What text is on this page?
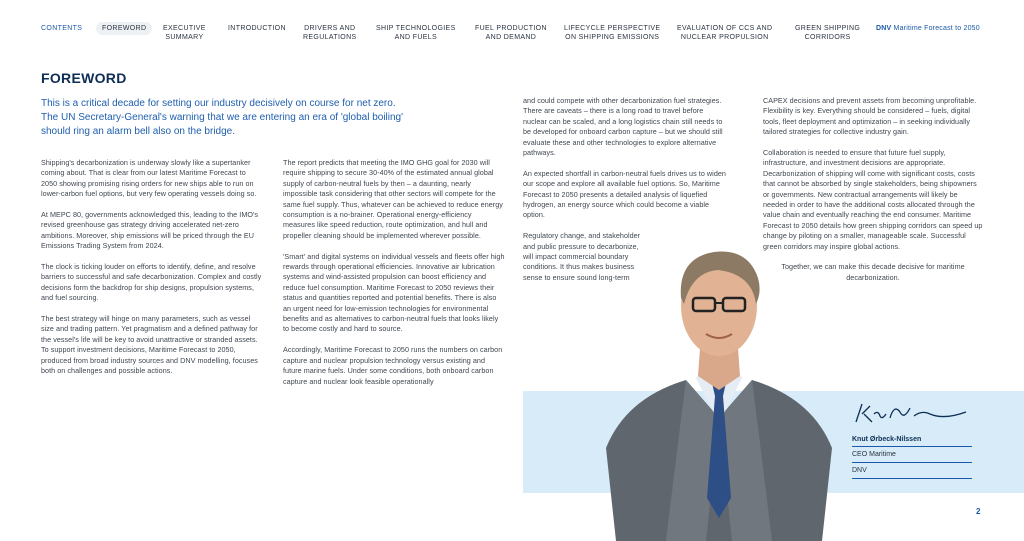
CONTENTS	FOREWORD	EXECUTIVE
SUMMARY
INTRODUCTION	DRIVERS AND
REGULATIONS
SHIP TECHNOLOGIES
AND FUELS
FUEL PRODUCTION
AND DEMAND
LIFECYCLE PERSPECTIVE
ON SHIPPING EMISSIONS
EVALUATION OF CCS AND
NUCLEAR PROPULSION
GREEN SHIPPING
CORRIDORS
DNV Maritime Forecast to 2050
FOREWORD
This is a critical decade for setting our industry decisively on course for net zero.
The UN Secretary-General's warning that we are entering an era of 'global boiling'
should ring an alarm bell also on the bridge.

Shipping's decarbonization is underway slowly like a supertanker coming about. That is clear from our latest Maritime Forecast to 2050 showing promising rising orders for new ships able to run on lower-carbon fuel options, but very few operating vessels doing so.

At MEPC 80, governments acknowledged this, leading to the IMO's revised greenhouse gas strategy driving accelerated net-zero ambitions. Moreover, ship emissions will be priced through the EU Emissions Trading System from 2024.

The clock is ticking louder on efforts to identify, define, and resolve barriers to successful and safe decarbonization. Complex and costly decisions form the backdrop for ship designs, propulsion systems, and fuel sourcing.

The best strategy will hinge on many parameters, such as vessel size and trading pattern. Yet pragmatism and a defined pathway for the vessel's life will be key to avoid unattractive or stranded assets. To support investment decisions, Maritime Forecast to 2050, produced from broad industry sources and DNV modelling, focuses both on challenges and possible actions.

The report predicts that meeting the IMO GHG goal for 2030 will require shipping to secure 30-40% of the estimated annual global supply of carbon-neutral fuels by then – a daunting, nearly impossible task considering that other sectors will compete for the same fuel supply. Thus, whatever can be achieved to reduce energy consumption is a no-brainer. Operational energy-efficiency measures like speed reduction, route optimization, and hull and propeller cleaning should be implemented wherever possible.

'Smart' and digital systems on individual vessels and fleets offer high rewards through operational efficiencies. Innovative air lubrication systems and wind-assisted propulsion can boost efficiency and reduce fuel consumption. Maritime Forecast to 2050 reviews their status and quantities reported and potential benefits. There is also an urgent need for low-emission technologies for environmental benefits and as alternatives to carbon-neutral fuels that looks likely to become costly and hard to source.

Accordingly, Maritime Forecast to 2050 runs the numbers on carbon capture and nuclear propulsion technology versus existing and future marine fuels. Under some conditions, both onboard carbon capture and nuclear look feasible operationally

and could compete with other decarbonization fuel strategies. There are caveats – there is a long road to travel before nuclear can be scaled, and a long logistics chain still needs to be developed for onboard carbon capture – but we should still evaluate these and other technologies to explore alternative pathways.

An expected shortfall in carbon-neutral fuels drives us to widen our scope and explore all available fuel options. So, Maritime Forecast to 2050 presents a detailed analysis of liquefied hydrogen, an energy source which could become a viable option.

Regulatory change, and stakeholder and public pressure to decarbonize, will impact commercial boundary conditions. It thus makes business sense to ensure sound long-term

CAPEX decisions and prevent assets from becoming unprofitable. Flexibility is key. Everything should be considered – fuels, digital tools, fleet deployment and optimization – in seeking individually tailored strategies for collective industry gain.

Collaboration is needed to ensure that future fuel supply, infrastructure, and investment decisions are appropriate. Decarbonization of shipping will come with significant costs, costs that cannot be absorbed by single stakeholders, being shipowners or governments. New contractual arrangements will likely be needed in order to have the additional costs allocated through the value chain and eventually reaching the end consumer. Maritime Forecast to 2050 details how green shipping corridors can speed up change by piloting on a smaller, manageable scale. Successful green corridors may inspire global actions.

Together, we can make this decade decisive for maritime decarbonization.

Knut Ørbeck-Nilssen
CEO Maritime
DNV
2
